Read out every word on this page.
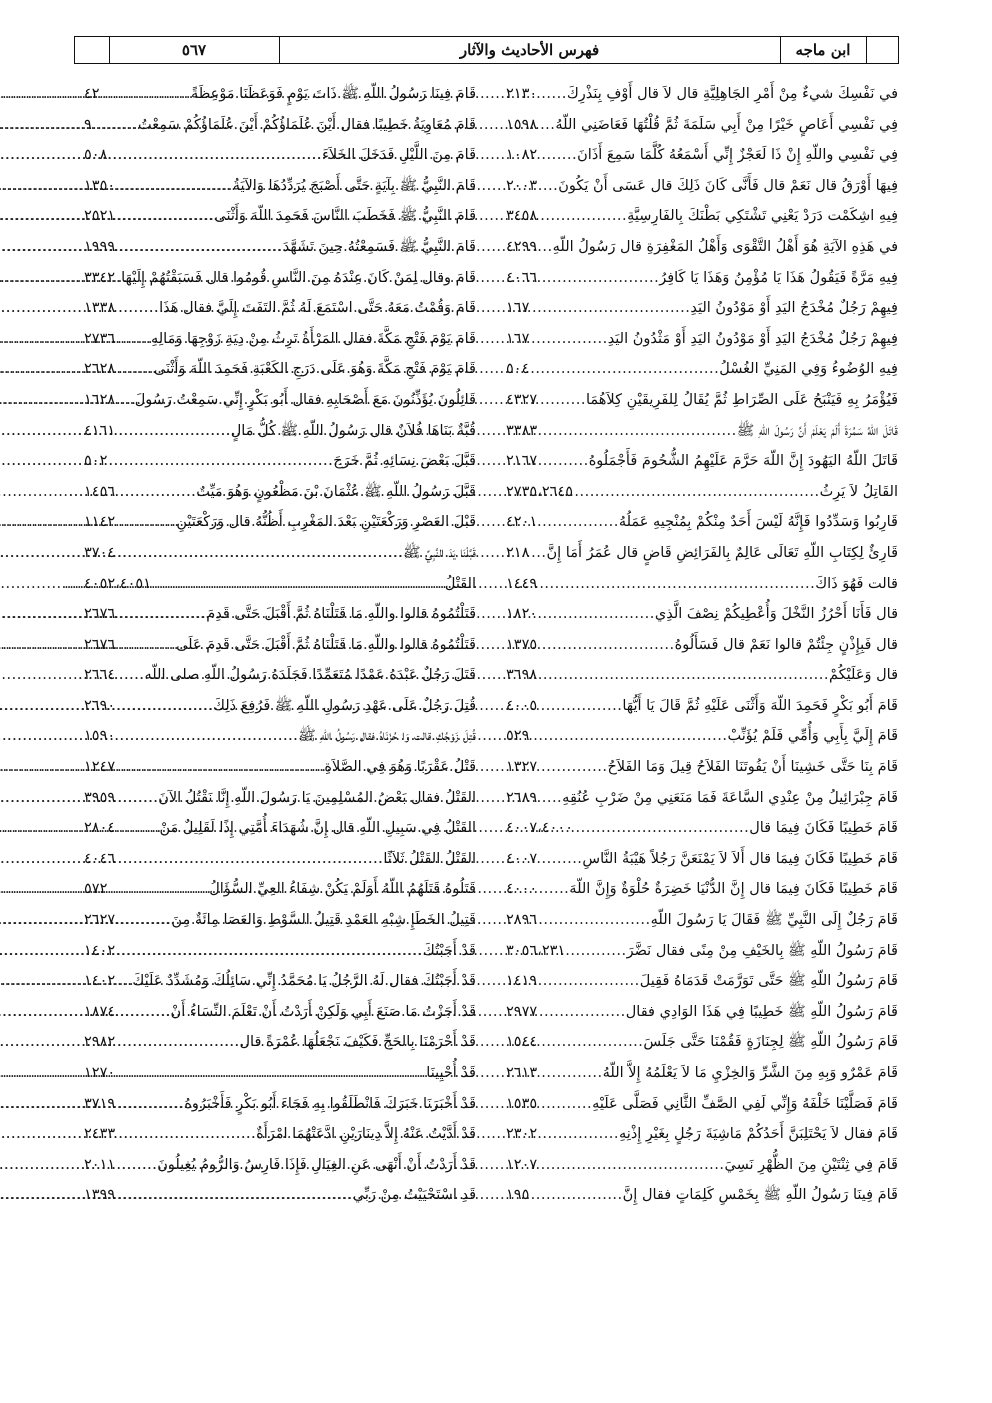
ابن ماجه
فهرس الأحاديث والآثار
٥٦٧
في نَفْسِكَ شيءٌ مِنْ أَمْرِ الجَاهِلِيَّةِ قال لاَ قال أَوْفِ بِنَذْرِكَ
.....
٢١٣٠
فِي نَفْسِي أَعَاصٍ خَيْرًا مِنْ أَبِي سَلَمَةَ ثُمَّ قُلْتُهَا فَعَاضَنِي اللّهُ
.....
١٥٩٨
فِي نَفْسِي واللّهِ إِنْ ذَا لَعَجْزٌ إِنِّي أَسْمَعُهُ كُلَّمَا سَمِعَ أَذَانَ
.....
١٠٨٢
فِيهَا أَوْرَقُ قال نَعَمْ قال فَأَنَّى كَانَ ذَلِكَ قال عَسَى أَنْ يَكُونَ
.....
٢٠٠٣
فِيهِ اشِكَمْت دَرَدْ يَعْنِي تَشْتَكِي بَطْنَكَ بِالفَارِسِيَّةِ
.....
٣٤٥٨
في هَذِهِ الآيَةِ هُوَ أَهْلُ التَّقْوَى وَأَهْلُ المَغْفِرَةِ قال رَسُولُ اللّهِ
.....
٤٢٩٩
فِيهِ مَرَّةً فَيَقُولُ هَذَا يَا مُؤْمِنُ وَهَذَا يَا كَافِرُ
.....
٤٠٦٦
فِيهِمْ رَجُلٌ مُخْدَجُ اليَدِ أَوْ مَوْدُونُ اليَدِ
.....
١٦٧
فِيهِمْ رَجُلٌ مُخْدَجُ اليَدِ أَوْ مَوْدُونُ اليَدِ أَوْ مَثْدُونُ اليَدِ
.....
١٦٧
فِيهِ الوُضُوءُ وَفِي المَنِيِّ الغُسْلُ
.....
٥٠٤
فَيُؤْمَرُ بِهِ فَيَنْبَحُ عَلَى الصِّرَاطِ ثُمَّ يُقَالُ لِلفَرِيقَيْنِ كِلاَهُمَا
.....
٤٣٢٧
قَاتَلَ اللّهُ سَمُرَةَ أَلَمْ يَعْلَمْ أَنَّ رَسُولَ اللّهِ ﷺ
.....
٣٣٨٣
قَاتَلَ اللّهُ اليَهُودَ إِنَّ اللّهَ حَرَّمَ عَلَيْهِمُ الشُّحُومَ فَأَجْمَلُوهُ
.....
٢١٦٧
القَاتِلُ لاَ يَرِثُ
.....
٢٧٣٥،٢٦٤٥
قَارِبُوا وَسَدِّدُوا فَإِنَّهُ لَيْسَ أَحَدٌ مِنْكُمْ بِمُنْجِيهِ عَمَلُهُ
.....
٤٢٠١
قَارِئٌ لِكِتَابِ اللّهِ تَعَالَى عَالِمٌ بِالفَرَائِضِ قَاضٍ قال عُمَرُ أَمَا إِنَّ
.....
٢١٨
قالت فَهُوَ ذَاكَ
.....
١٤٤٩
قال فَأَنَا أَحْرُزُ النَّخْلَ وَأُعْطِيكُمْ نِصْفَ الَّذِي
.....
١٨٢٠
قال فَبِإِذْنٍ جِئْتُمْ قالوا نَعَمْ قال فَسَأَلُوهُ
.....
١٣٧٥
قال وَعَلَيْكُمْ
.....
٣٦٩٨
قَامَ أَبُو بَكْرٍ فَحَمِدَ اللّهَ وَأَثْنَى عَلَيْهِ ثُمَّ قَالَ يَا أَيُّهَا
.....
٤٠٠٥
قَامَ إِلَيَّ بِأَبِي وَأُمِّي فَلَمْ يُؤَنِّبْ
.....
٥٢٩
قَامَ بِنَا حَتَّى خَشِينَا أَنْ يَفُوتَنَا الفَلاَحُ قِيلَ وَمَا الفَلاَحُ
.....
١٣٢٧
قَامَ جِبْرَائِيلُ مِنْ عِنْدِي السَّاعَةَ فَمَا مَنَعَنِي مِنْ ضَرْبِ عُنُقِهِ
.....
٢٦٨٩
قَامَ خَطِيبًا فَكَانَ فِيمَا قال
.....
٤٠٠٧،٤٠٠٠
قَامَ خَطِيبًا فَكَانَ فِيمَا قال أَلاَ لاَ يَمْنَعَنَّ رَجُلاً هَيْبَةُ النَّاسِ
.....
٤٠٠٧
قَامَ خَطِيبًا فَكَانَ فِيمَا قال إِنَّ الدُّنْيَا خَضِرَةٌ حُلْوَةٌ وَإِنَّ اللّهَ
.....
٤٠٠٠
قَامَ رَجُلٌ إِلَى النَّبِيِّ ﷺ فَقَالَ يَا رَسُولَ اللّهِ
.....
٢٨٩٦
قَامَ رَسُولُ اللّهِ ﷺ بِالخَيْفِ مِنْ مِنًى فقال نَضَّرَ
.....
٣٠٥٦،٢٣١
قَامَ رَسُولُ اللّهِ ﷺ حَتَّى تَوَرَّمَتْ قَدَمَاهُ فَقِيلَ
.....
١٤١٩
قَامَ رَسُولُ اللّهِ ﷺ خَطِيبًا فِي هَذَا الوَادِي فقال
.....
٢٩٧٧
قَامَ رَسُولُ اللّهِ ﷺ لِجِنَازَةٍ فَقُمْنَا حَتَّى جَلَسَ
.....
١٥٤٤
قَامَ عَمْرٌو وَبِهِ مِنَ الشَّرِّ وَالخِزْيِ مَا لاَ يَعْلَمُهُ إِلاَّ اللّهُ
.....
٢٦١٣
قَامَ فَصَلَّيْنَا خَلْفَهُ وَإِنِّي لَفِي الصَّفِّ الثَّانِي فَصَلَّى عَلَيْهِ
.....
١٥٣٥
قَامَ فقال لاَ يَحْتَلِبَنَّ أَحَدُكُمْ مَاشِيَةَ رَجُلٍ بِغَيْرِ إِذْنِهِ
.....
٢٣٠٢
قَامَ فِي ثِنْتَيْنِ مِنَ الظُّهْرِ نَسِيَ
.....
١٢٠٧
قَامَ فِينَا رَسُولُ اللّهِ ﷺ بِخَمْسِ كَلِمَاتٍ فقال إِنَّ
.....
١٩٥
قَامَ فِينَا رَسُولُ اللّهِ ﷺ ذَاتَ يَوْمٍ فَوَعَظَنَا مَوْعِظَةً
.....
٤٢
قَامَ مُعَاوِيَةُ خَطِيبًا فقال أَيْنَ عُلَمَاؤُكُمْ أَيْنَ عُلَمَاؤُكُمْ سَمِعْتُ
.....
٩
قَامَ مِنَ اللَّيْلِ فَدَخَلَ الخَلاَءَ
.....
٥٠٨
قَامَ النَّبِيُّ ﷺ بِآيَةٍ حَتَّى أَصْبَحَ يُرَدِّدُهَا وَالآيَةُ
.....
١٣٥٠
قَامَ النَّبِيُّ ﷺ فَخَطَبَ النَّاسَ فَحَمِدَ اللّهَ وَأَثْنَى
.....
٢٥٢١
قَامَ النَّبِيُّ ﷺ فَسَمِعْتُهُ حِينَ تَشَهَّدَ
.....
١٩٩٩
قَامَ وقال لِمَنْ كَانَ عِنْدَهُ مِنَ النَّاسِ قُومُوا قال فَسَبَقْتُهُمْ إِلَيْهَا
.....
٣٣٤٢
قَامَ وَقُمْتُ مَعَهُ حَتَّى اسْتَمَعَ لَهُ ثُمَّ التَفَتَ إِلَيَّ فقال هَذَا
.....
١٣٣٨
قَامَ يَوْمَ فَتْحِ مَكَّةَ فقال المَرْأَةُ تَرِثُ مِنْ دِيَةِ زَوْجِهَا وَمَالِهِ
.....
٢٧٣٦
قَامَ يَوْمَ فَتْحِ مَكَّةَ وَهُوَ عَلَى دَرَجِ الكَعْبَةِ فَحَمِدَ اللّهَ وَأَثْنَى
.....
٢٦٢٨
قَائِلُونَ يُؤَذِّنُونَ مَعَ أَصْحَابِهِ فقال أَبُو بَكْرٍ إِنِّي سَمِعْتُ رَسُولَ
.....
١٦٢٨
قُبَّةٌ بَنَاهَا فُلاَنٌ قال رَسُولُ اللّهِ ﷺ كُلُّ مَالٍ
.....
٤١٦١
قَبَّلَ بَعْضَ نِسَائِهِ ثُمَّ خَرَجَ
.....
٥٠٢
قَبَّلَ رَسُولُ اللّهِ ﷺ عُثْمَانَ بْنَ مَظْعُونٍ وَهُوَ مَيِّتٌ
.....
١٤٥٦
قَبْلَ العَصْرِ وَرَكْعَتَيْنِ بَعْدَ المَغْرِبِ أَظُنُّهُ قال وَرَكْعَتَيْنِ
.....
١١٤٢
قَبَّلْنَا يَدَ النَّبِيِّ ﷺ
.....
٣٧٠٤
القَتْلُ
.....
٤٠٥٢،٤٠٥١
قَتَلْتُمُوهُ قالوا واللّهِ مَا قَتَلْنَاهُ ثُمَّ أَقْبَلَ حَتَّى قَدِمَ
.....
٢٦٧٦
قَتَلْتُمُوهُ قالوا واللّهِ مَا قَتَلْنَاهُ ثُمَّ أَقْبَلَ حَتَّى قَدِمَ عَلَى
.....
٢٦٧٦
قَتَلَ رَجُلٌ عَبْدَهُ عَمْدًا مُتَعَمِّدًا فَجَلَدَهُ رَسُولُ اللّهِ صلى اللّه
.....
٢٦٦٤
قُتِلَ رَجُلٌ عَلَى عَهْدِ رَسُولِ اللّهِ ﷺ فَرُفِعَ ذَلِكَ
.....
٢٦٩٠
قُتِلَ زَوْجُكِ قالت وَا حُزْنَاهُ فقال رَسُولُ اللّهِ ﷺ
.....
١٥٩٠
قَتْلُ عَقْرَبًا وَهُوَ فِي الصَّلاَةِ
.....
١٢٤٧
القَتْلُ فقال بَعْضُ المُسْلِمِينَ يَا رَسُولَ اللّهِ إِنَّا نَقْتُلُ الآنَ
.....
٣٩٥٩
القَتْلُ فِي سَبِيلِ اللّهِ قال إِنَّ شُهَدَاءَ أُمَّتِي إِذًا لَقَلِيلٌ مَنْ
.....
٢٨٠٤
القَتْلُ القَتْلُ ثَلاَثًا
.....
٤٠٤٦
قَتَلُوهُ قَتَلَهُمُ اللّهُ أَوَلَمْ يَكُنْ شِفَاءُ العِيِّ السُّؤَالُ
.....
٥٧٢
قَتِيلُ الخَطَإِ شِبْهِ العَمْدِ قَتِيلُ السَّوْطِ وَالعَصَا مِائَةٌ مِنَ
.....
٢٦٢٧
قَدْ أَجَبْتُكَ
.....
١٤٠٢
قَدْ أَجَبْتُكَ فقال لَهُ الرَّجُلُ يَا مُحَمَّدُ إِنِّي سَائِلُكَ وَمُشَدِّدٌ عَلَيْكَ
.....
١٤٠٢
قَدْ أَجَزْتُ مَا صَنَعَ أَبِي وَلَكِنْ أَرَدْتُ أَنْ تَعْلَمَ النِّسَاءُ أَنْ
.....
١٨٧٤
قَدْ أَحْرَمْنَا بِالحَجِّ فَكَيْفَ نَجْعَلُهَا عُمْرَةً قال
.....
٢٩٨٢
قَدْ أُحْيِينَا
.....
١٢٧٠
قَدْ أَخْبَرَنَا خَبَرَكَ فَانْطَلَقُوا بِهِ فَجَاءَ أَبُو بَكْرٍ فَأَخْبَرُوهُ
.....
٣٧١٩
قَدْ أَدَّيْتُ عَنْهُ إِلاَّ دِينَارَيْنِ ادَّعَتْهُمَا امْرَأَةٌ
.....
٢٤٣٣
قَدْ أَرَدْتُ أَنْ أَنْهَى عَنِ الغِيَالِ فَإِذَا فَارِسُ وَالرُّومُ يُغِيلُونَ
.....
٢٠١١
قَدِ اسْتَحْيَيْتُ مِنْ رَبِّي
.....
١٣٩٩
